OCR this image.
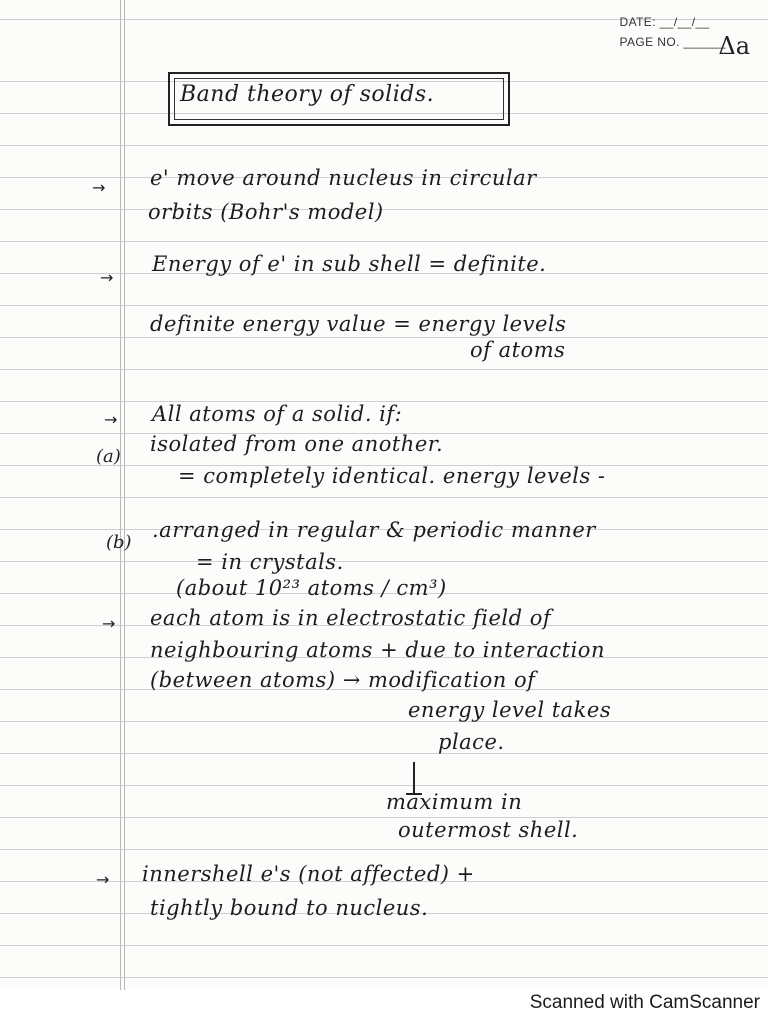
DATE: __/__/__
PAGE NO. ______
Δa
Band theory of solids.
→ e' move around nucleus in circular
orbits (Bohr's model)
→
Energy of e' in sub shell = definite.
definite energy value = energy levels
of atoms
→ All atoms of a solid. if:
(a)
isolated from one another.
= completely identical. energy levels -
(b)
.arranged in regular & periodic manner
= in crystals.
(about 10²³ atoms / cm³)
→ each atom is in electrostatic field of
neighbouring atoms + due to interaction
(between atoms) → modification of
energy level takes
place.
maximum in
outermost shell.
→ innershell e's (not affected) +
tightly bound to nucleus.
Scanned with CamScanner
